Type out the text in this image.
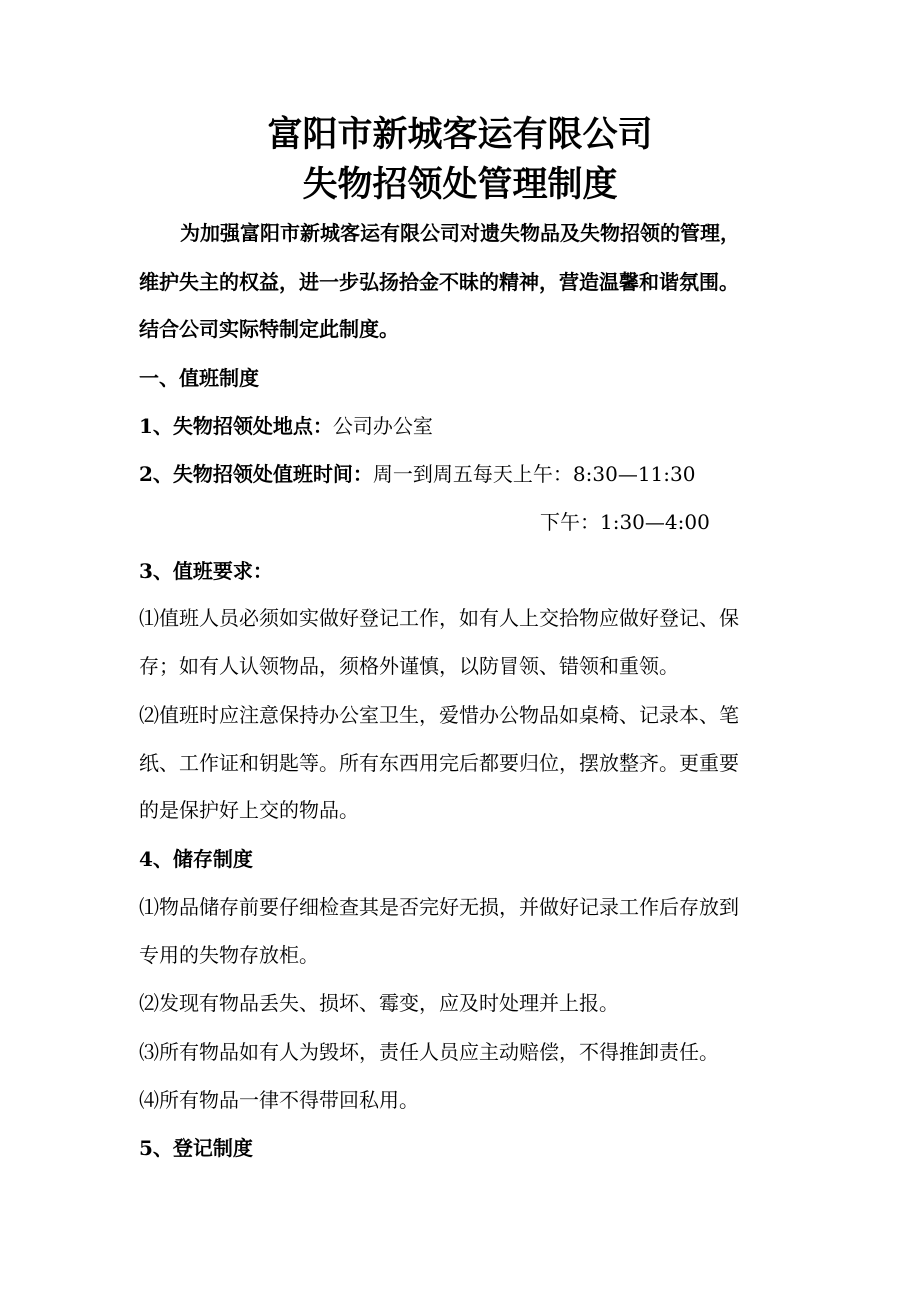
富阳市新城客运有限公司
失物招领处管理制度

为加强富阳市新城客运有限公司对遗失物品及失物招领的管理，

维护失主的权益，进一步弘扬拾金不昧的精神，营造温馨和谐氛围。

结合公司实际特制定此制度。

一、值班制度

1、失物招领处地点：公司办公室

2、失物招领处值班时间：周一到周五每天上午：8:30—11:30

下午：1:30—4:00

3、值班要求：

⑴值班人员必须如实做好登记工作，如有人上交拾物应做好登记、保

存；如有人认领物品，须格外谨慎，以防冒领、错领和重领。

⑵值班时应注意保持办公室卫生，爱惜办公物品如桌椅、记录本、笔

纸、工作证和钥匙等。所有东西用完后都要归位，摆放整齐。更重要

的是保护好上交的物品。

4、储存制度

⑴物品储存前要仔细检查其是否完好无损，并做好记录工作后存放到

专用的失物存放柜。

⑵发现有物品丢失、损坏、霉变，应及时处理并上报。

⑶所有物品如有人为毁坏，责任人员应主动赔偿，不得推卸责任。

⑷所有物品一律不得带回私用。

5、登记制度
